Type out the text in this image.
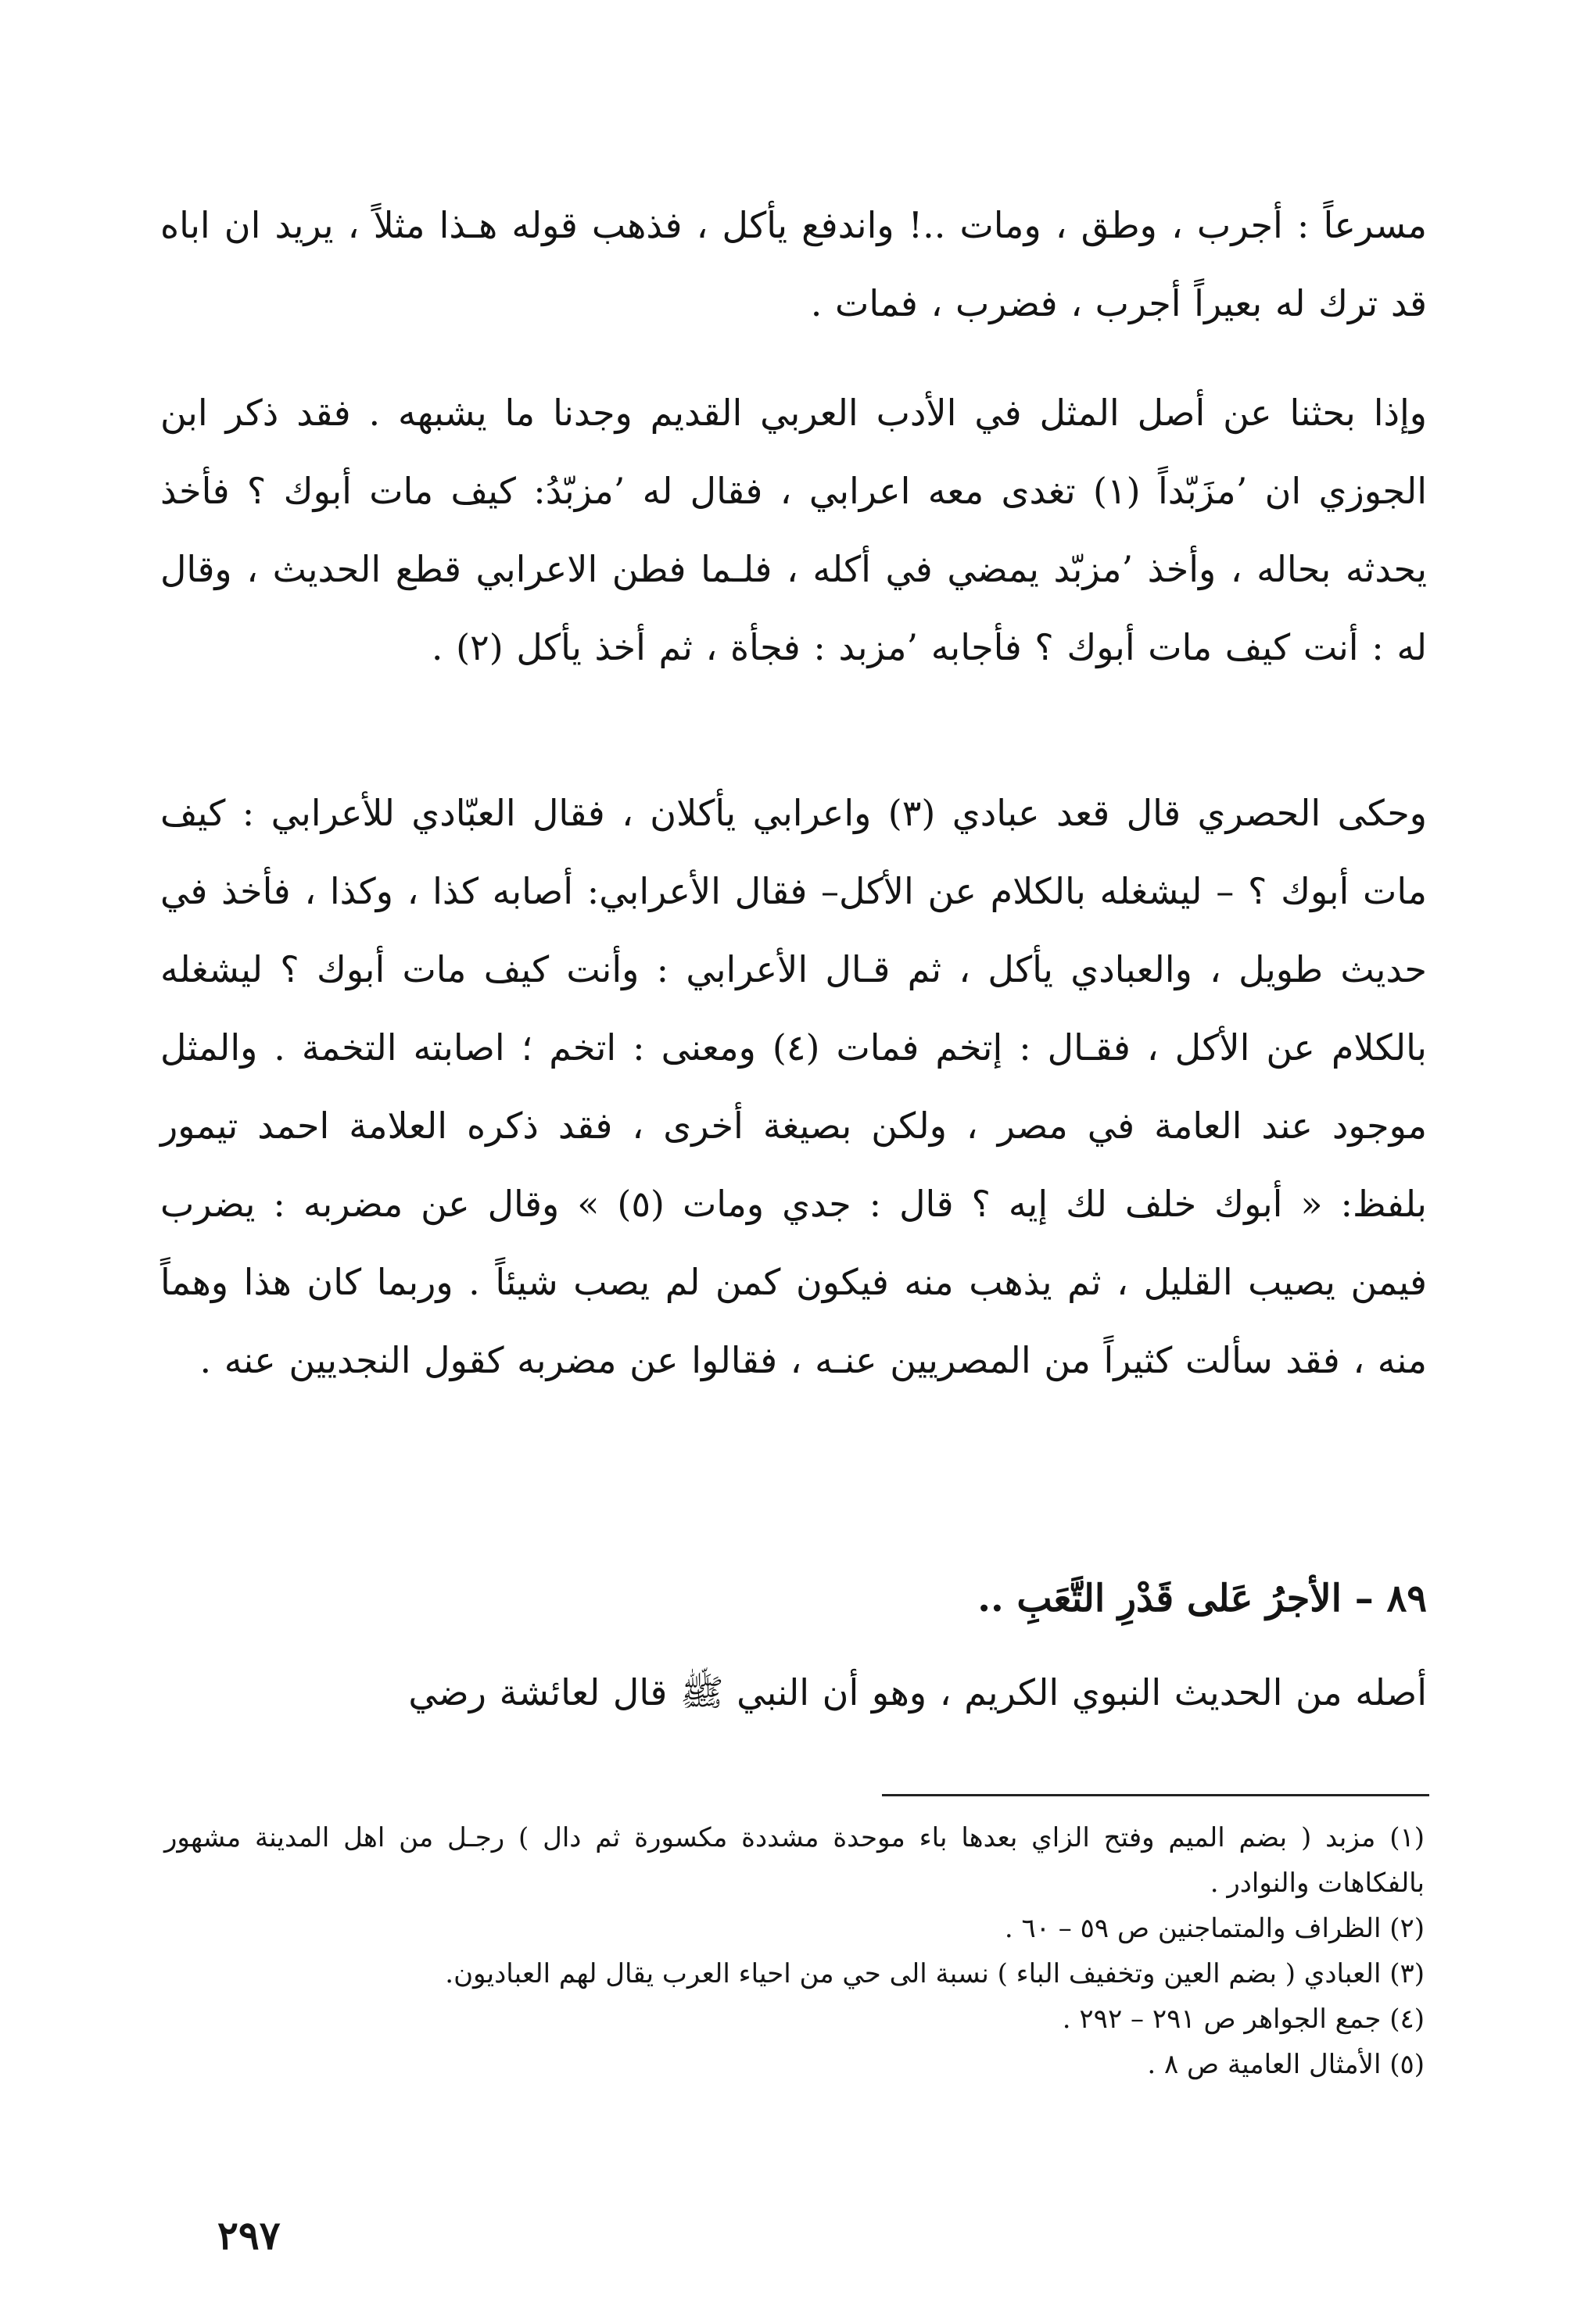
مسرعاً : أجرب ، وطق ، ومات ..! واندفع يأكل ، فذهب قوله هـذا مثلاً ، يريد ان اباه قد ترك له بعيراً أجرب ، فضرب ، فمات .

وإذا بحثنا عن أصل المثل في الأدب العربي القديم وجدنا ما يشبهه . فقد ذكر ابن الجوزي ان ’مزَبّداً (١) تغدى معه اعرابي ، فقال له ’مزبّدُ: كيف مات أبوك ؟ فأخذ يحدثه بحاله ، وأخذ ’مزبّد يمضي في أكله ، فلـما فطن الاعرابي قطع الحديث ، وقال له : أنت كيف مات أبوك ؟ فأجابه ’مزبد : فجأة ، ثم أخذ يأكل (٢) .

وحكى الحصري قال قعد عبادي (٣) واعرابي يأكلان ، فقال العبّادي للأعرابي : كيف مات أبوك ؟ – ليشغله بالكلام عن الأكل– فقال الأعرابي: أصابه كذا ، وكذا ، فأخذ في حديث طويل ، والعبادي يأكل ، ثم قـال الأعرابي : وأنت كيف مات أبوك ؟ ليشغله بالكلام عن الأكل ، فقـال : إتخم فمات (٤) ومعنى : اتخم ؛ اصابته التخمة . والمثل موجود عند العامة في مصر ، ولكن بصيغة أخرى ، فقد ذكره العلامة احمد تيمور بلفظ: « أبوك خلف لك إيه ؟ قال : جدي ومات (٥) » وقال عن مضربه : يضرب فيمن يصيب القليل ، ثم يذهب منه فيكون كمن لم يصب شيئاً . وربما كان هذا وهماً منه ، فقد سألت كثيراً من المصريين عنـه ، فقالوا عن مضربه كقول النجديين عنه .

٨٩ – الأجرُ عَلى قَدْرِ التَّعَبِ ..

أصله من الحديث النبوي الكريم ، وهو أن النبي ﷺ قال لعائشة رضي

(١) مزبد ( بضم الميم وفتح الزاي بعدها باء موحدة مشددة مكسورة ثم دال ) رجـل من اهل المدينة مشهور بالفكاهات والنوادر .

(٢) الظراف والمتماجنين ص ٥٩ – ٦٠ .

(٣) العبادي ( بضم العين وتخفيف الباء ) نسبة الى حي من احياء العرب يقال لهم العباديون.

(٤) جمع الجواهر ص ٢٩١ – ٢٩٢ .

(٥) الأمثال العامية ص ٨ .

٢٩٧
